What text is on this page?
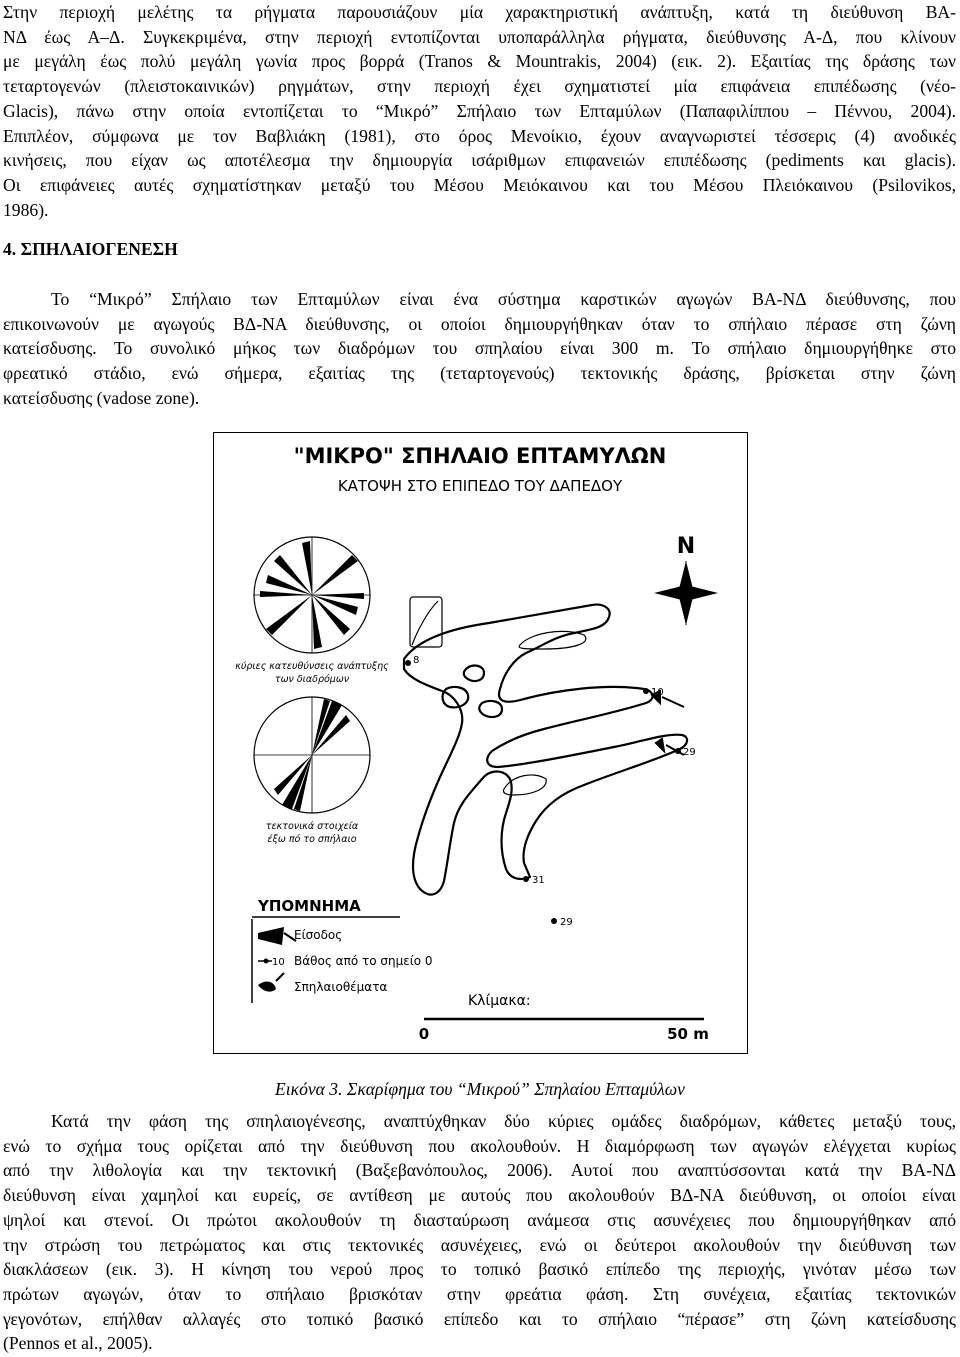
Στην περιοχή μελέτης τα ρήγματα παρουσιάζουν μία χαρακτηριστική ανάπτυξη, κατά τη διεύθυνση ΒΑ-
ΝΔ έως Α–Δ. Συγκεκριμένα, στην περιοχή εντοπίζονται υποπαράλληλα ρήγματα, διεύθυνσης Α-Δ, που κλίνουν
με μεγάλη έως πολύ μεγάλη γωνία προς βορρά (Tranos & Mountrakis, 2004) (εικ. 2). Εξαιτίας της δράσης των
τεταρτογενών (πλειστοκαινικών) ρηγμάτων, στην περιοχή έχει σχηματιστεί μία επιφάνεια επιπέδωσης (νέο-
Glacis), πάνω στην οποία εντοπίζεται το “Μικρό” Σπήλαιο των Επταμύλων (Παπαφιλίππου – Πέννου, 2004).
Επιπλέον, σύμφωνα με τον Βαβλιάκη (1981), στο όρος Μενοίκιο, έχουν αναγνωριστεί τέσσερις (4) ανοδικές
κινήσεις, που είχαν ως αποτέλεσμα την δημιουργία ισάριθμων επιφανειών επιπέδωσης (pediments και glacis).
Οι επιφάνειες αυτές σχηματίστηκαν μεταξύ του Μέσου Μειόκαινου και του Μέσου Πλειόκαινου (Psilovikos,
1986).
4. ΣΠΗΛΑΙΟΓΕΝΕΣΗ
Το “Μικρό” Σπήλαιο των Επταμύλων είναι ένα σύστημα καρστικών αγωγών ΒΑ-ΝΔ διεύθυνσης, που
επικοινωνούν με αγωγούς ΒΔ-ΝΑ διεύθυνσης, οι οποίοι δημιουργήθηκαν όταν το σπήλαιο πέρασε στη ζώνη
κατείσδυσης. Το συνολικό μήκος των διαδρόμων του σπηλαίου είναι 300 m. Το σπήλαιο δημιουργήθηκε στο
φρεατικό στάδιο, ενώ σήμερα, εξαιτίας της (τεταρτογενούς) τεκτονικής δράσης, βρίσκεται στην ζώνη
κατείσδυσης (vadose zone).
"ΜΙΚΡΟ" ΣΠΗΛΑΙΟ ΕΠΤΑΜΥΛΩΝ
ΚΑΤΟΨΗ ΣΤΟ ΕΠΙΠΕΔΟ ΤΟΥ ΔΑΠΕΔΟΥ
N
κύριες κατευθύνσεις ανάπτυξης
των διαδρόμων
τεκτονικά στοιχεία
έξω πό το σπήλαιο
8
10
29
31
29
ΥΠΟΜΝΗΜΑ
Είσοδος
10 Βάθος από το σημείο 0
Σπηλαιοθέματα
Κλίμακα:
0	50 m
Εικόνα 3. Σκαρίφημα του “Μικρού” Σπηλαίου Επταμύλων
Κατά την φάση της σπηλαιογένεσης, αναπτύχθηκαν δύο κύριες ομάδες διαδρόμων, κάθετες μεταξύ τους,
ενώ το σχήμα τους ορίζεται από την διεύθυνση που ακολουθούν. Η διαμόρφωση των αγωγών ελέγχεται κυρίως
από την λιθολογία και την τεκτονική (Βαξεβανόπουλος, 2006). Αυτοί που αναπτύσσονται κατά την ΒΑ-ΝΔ
διεύθυνση είναι χαμηλοί και ευρείς, σε αντίθεση με αυτούς που ακολουθούν ΒΔ-ΝΑ διεύθυνση, οι οποίοι είναι
ψηλοί και στενοί. Οι πρώτοι ακολουθούν τη διασταύρωση ανάμεσα στις ασυνέχειες που δημιουργήθηκαν από
την στρώση του πετρώματος και στις τεκτονικές ασυνέχειες, ενώ οι δεύτεροι ακολουθούν την διεύθυνση των
διακλάσεων (εικ. 3). Η κίνηση του νερού προς το τοπικό βασικό επίπεδο της περιοχής, γινόταν μέσω των
πρώτων αγωγών, όταν το σπήλαιο βρισκόταν στην φρεάτια φάση. Στη συνέχεια, εξαιτίας τεκτονικών
γεγονότων, επήλθαν αλλαγές στο τοπικό βασικό επίπεδο και το σπήλαιο “πέρασε” στη ζώνη κατείσδυσης
(Pennos et al., 2005).
